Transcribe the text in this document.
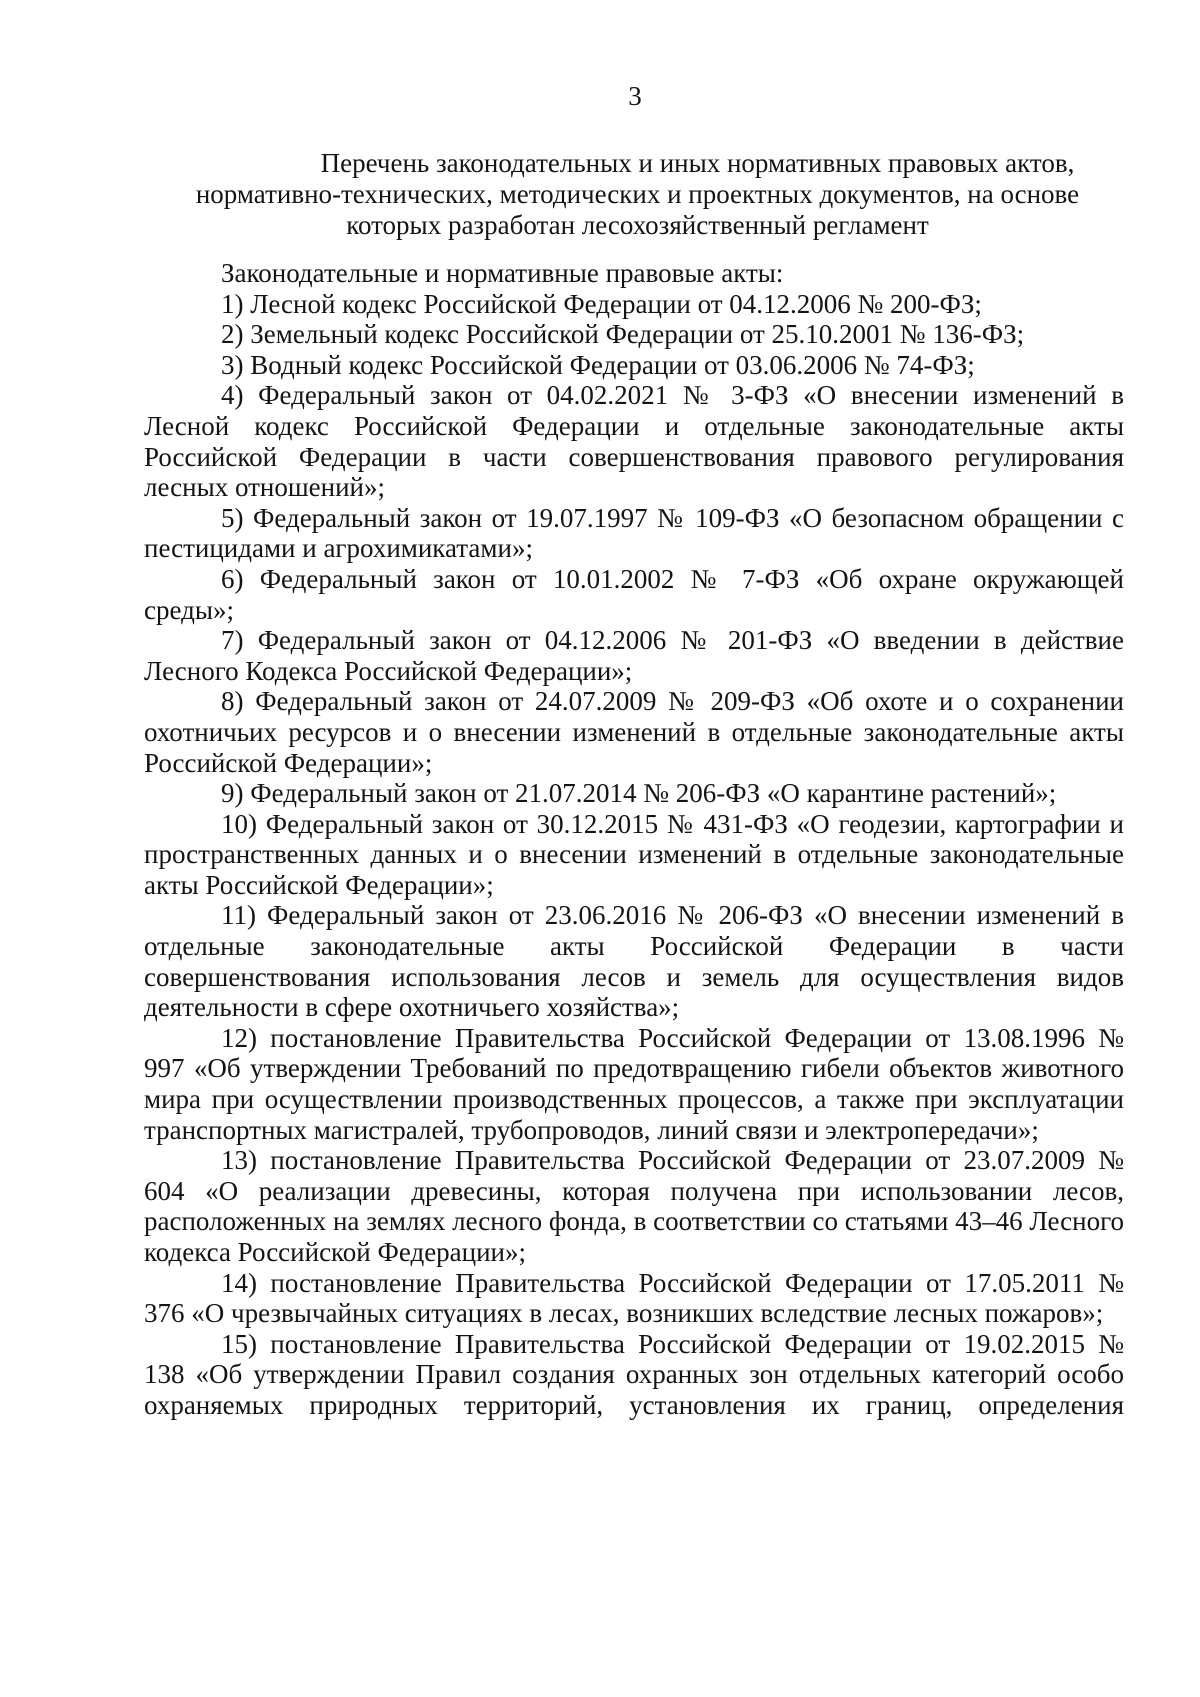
3
Перечень законодательных и иных нормативных правовых актов,
нормативно-технических, методических и проектных документов, на основе
которых разработан лесохозяйственный регламент

Законодательные и нормативные правовые акты:

1) Лесной кодекс Российской Федерации от 04.12.2006 № 200-ФЗ;

2) Земельный кодекс Российской Федерации от 25.10.2001 № 136-ФЗ;

3) Водный кодекс Российской Федерации от 03.06.2006 № 74-ФЗ;

4) Федеральный закон от 04.02.2021 № 3-ФЗ «О внесении изменений в Лесной кодекс Российской Федерации и отдельные законодательные акты Российской Федерации в части совершенствования правового регулирования лесных отношений»;

5) Федеральный закон от 19.07.1997 № 109-ФЗ «О безопасном обращении с пестицидами и агрохимикатами»;

6) Федеральный закон от 10.01.2002 № 7-ФЗ «Об охране окружающей среды»;

7) Федеральный закон от 04.12.2006 № 201-ФЗ «О введении в действие Лесного Кодекса Российской Федерации»;

8) Федеральный закон от 24.07.2009 № 209-ФЗ «Об охоте и о сохранении охотничьих ресурсов и о внесении изменений в отдельные законодательные акты Российской Федерации»;

9) Федеральный закон от 21.07.2014 № 206-ФЗ «О карантине растений»;

10) Федеральный закон от 30.12.2015 № 431-ФЗ «О геодезии, картографии и пространственных данных и о внесении изменений в отдельные законодательные акты Российской Федерации»;

11) Федеральный закон от 23.06.2016 № 206-ФЗ «О внесении изменений в отдельные законодательные акты Российской Федерации в части совершенствования использования лесов и земель для осуществления видов деятельности в сфере охотничьего хозяйства»;

12) постановление Правительства Российской Федерации от 13.08.1996 № 997 «Об утверждении Требований по предотвращению гибели объектов животного мира при осуществлении производственных процессов, а также при эксплуатации транспортных магистралей, трубопроводов, линий связи и электропередачи»;

13) постановление Правительства Российской Федерации от 23.07.2009 № 604 «О реализации древесины, которая получена при использовании лесов, расположенных на землях лесного фонда, в соответствии со статьями 43–46 Лесного кодекса Российской Федерации»;

14) постановление Правительства Российской Федерации от 17.05.2011 № 376 «О чрезвычайных ситуациях в лесах, возникших вследствие лесных пожаров»;

15) постановление Правительства Российской Федерации от 19.02.2015 № 138 «Об утверждении Правил создания охранных зон отдельных категорий особо охраняемых природных территорий, установления их границ, определения
